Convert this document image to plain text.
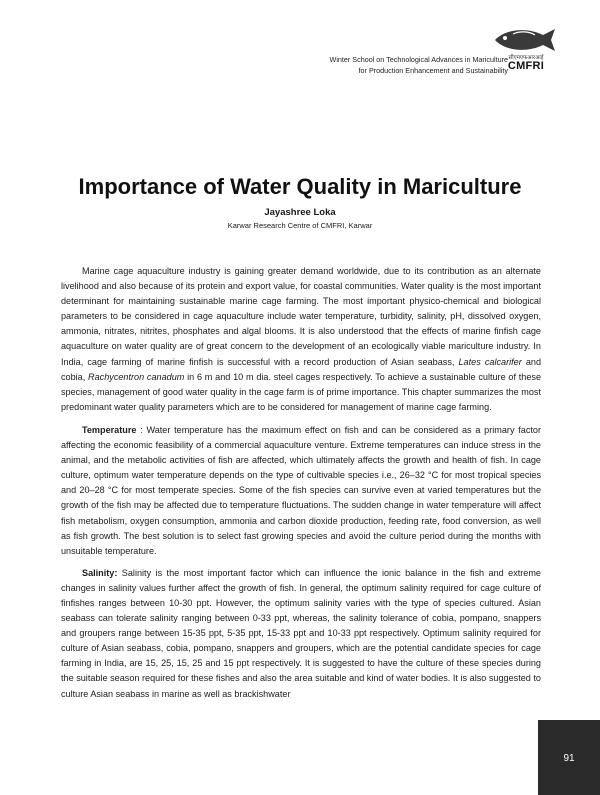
Winter School on Technological Advances in Mariculture
for Production Enhancement and Sustainability
सीएमएफआरआई
CMFRI
Importance of Water Quality in Mariculture
Jayashree Loka
Karwar Research Centre of CMFRI, Karwar

Marine cage aquaculture industry is gaining greater demand worldwide, due to its contribution as an alternate livelihood and also because of its protein and export value, for coastal communities. Water quality is the most important determinant for maintaining sustainable marine cage farming. The most important physico-chemical and biological parameters to be considered in cage aquaculture include water temperature, turbidity, salinity, pH, dissolved oxygen, ammonia, nitrates, nitrites, phosphates and algal blooms. It is also understood that the effects of marine finfish cage aquaculture on water quality are of great concern to the development of an ecologically viable mariculture industry. In India, cage farming of marine finfish is successful with a record production of Asian seabass, Lates calcarifer and cobia, Rachycentron canadum in 6 m and 10 m dia. steel cages respectively. To achieve a sustainable culture of these species, management of good water quality in the cage farm is of prime importance. This chapter summarizes the most predominant water quality parameters which are to be considered for management of marine cage farming.

Temperature : Water temperature has the maximum effect on fish and can be considered as a primary factor affecting the economic feasibility of a commercial aquaculture venture. Extreme temperatures can induce stress in the animal, and the metabolic activities of fish are affected, which ultimately affects the growth and health of fish. In cage culture, optimum water temperature depends on the type of cultivable species i.e., 26–32 °C for most tropical species and 20–28 °C for most temperate species. Some of the fish species can survive even at varied temperatures but the growth of the fish may be affected due to temperature fluctuations. The sudden change in water temperature will affect fish metabolism, oxygen consumption, ammonia and carbon dioxide production, feeding rate, food conversion, as well as fish growth. The best solution is to select fast growing species and avoid the culture period during the months with unsuitable temperature.

Salinity: Salinity is the most important factor which can influence the ionic balance in the fish and extreme changes in salinity values further affect the growth of fish. In general, the optimum salinity required for cage culture of finfishes ranges between 10-30 ppt. However, the optimum salinity varies with the type of species cultured. Asian seabass can tolerate salinity ranging between 0-33 ppt, whereas, the salinity tolerance of cobia, pompano, snappers and groupers range between 15-35 ppt, 5-35 ppt, 15-33 ppt and 10-33 ppt respectively. Optimum salinity required for culture of Asian seabass, cobia, pompano, snappers and groupers, which are the potential candidate species for cage farming in India, are 15, 25, 15, 25 and 15 ppt respectively. It is suggested to have the culture of these species during the suitable season required for these fishes and also the area suitable and kind of water bodies. It is also suggested to culture Asian seabass in marine as well as brackishwater

91
